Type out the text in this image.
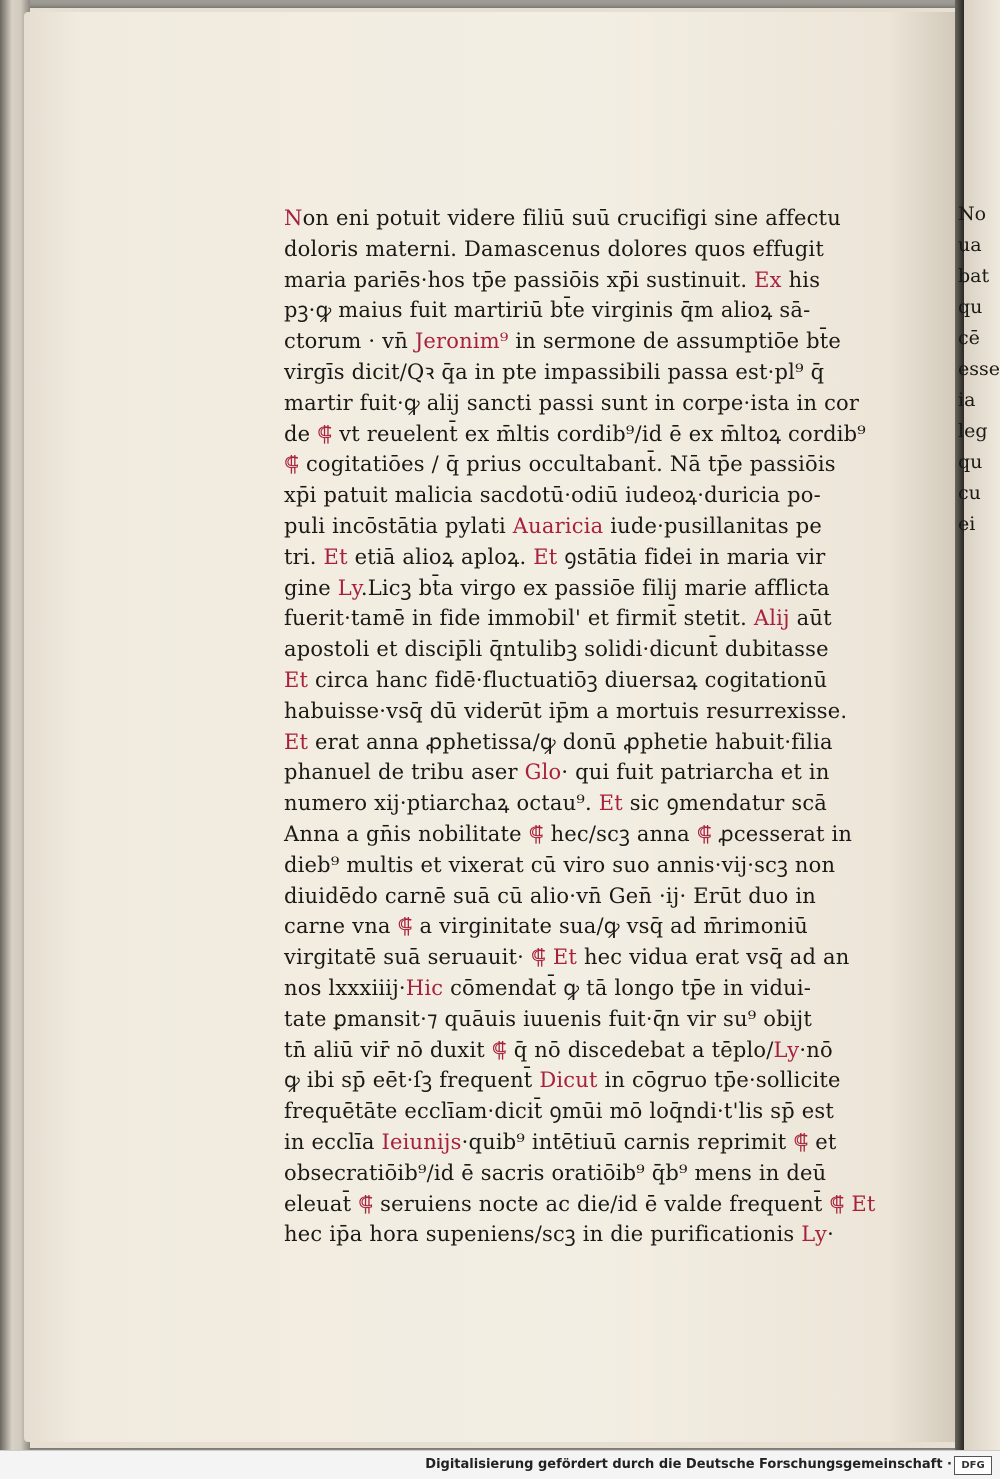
Non eni potuit videre filiū suū crucifigi sine affectu
doloris materni. Damascenus dolores quos effugit
maria pariēs·hos tp̄e passiōis xp̄i sustinuit. Ex his
pꝫ·ꝙ maius fuit martiriū bt̄e virginis q̄m alioꝝ sā-
ctorum · vn̄ Jeronim⁹ in sermone de assumptiōe bt̄e
virgīs dicit/Qꝛ q̄a in pte impassibili passa est·pl⁹ q̄
martir fuit·ꝙ alij sancti passi sunt in corpe·ista in cor
de ⸿ vt reuelent̄ ex m̄ltis cordib⁹/id ē ex m̄ltoꝝ cordib⁹
⸿ cogitatiōes / q̄ prius occultabant̄. Nā tp̄e passiōis
xp̄i patuit malicia sacdotū·odiū iudeoꝝ·duricia po-
puli incōstātia pylati Auaricia iude·pusillanitas pe
tri. Et etiā alioꝝ aploꝝ. Et ꝯstātia fidei in maria vir
gine Ly.Licꝫ bt̄a virgo ex passiōe filij marie afflicta
fuerit·tamē in fide immobil' et firmit̄ stetit. Alij aūt
apostoli et discip̄li q̄ntulibꝫ solidi·dicunt̄ dubitasse
Et circa hanc fidē·fluctuatiōꝫ diuersaꝝ cogitationū
habuisse·vsq̄ dū viderūt ip̄m a mortuis resurrexisse.
Et erat anna ꝓphetissa/ꝙ donū ꝓphetie habuit·filia
phanuel de tribu aser Glo· qui fuit patriarcha et in
numero xij·ptiarchaꝝ octau⁹. Et sic ꝯmendatur scā
Anna a gn̄is nobilitate ⸿ hec/scꝫ anna ⸿ ꝓcesserat in
dieb⁹ multis et vixerat cū viro suo annis·vij·scꝫ non
diuidēdo carnē suā cū alio·vn̄ Gen̄ ·ij· Erūt duo in
carne vna ⸿ a virginitate sua/ꝙ vsq̄ ad m̄rimoniū
virgitatē suā seruauit· ⸿ Et hec vidua erat vsq̄ ad an
nos lxxxiiij·Hic cōmendat̄ ꝙ tā longo tp̄e in vidui-
tate ꝑmansit·⁊ quāuis iuuenis fuit·q̄n vir su⁹ obijt
tn̄ aliū vir̄ nō duxit ⸿ q̄ nō discedebat a tēplo/Ly·nō
ꝙ ibi sp̄ eēt·ſꝫ frequent̄ Dicut in cōgruo tp̄e·sollicite
frequētāte ecclīam·dicit̄ ꝯmūi mō loq̄ndi·t'lis sp̄ est
in ecclīa Ieiunijs·quib⁹ intētiuū carnis reprimit ⸿ et
obsecratiōib⁹/id ē sacris oratiōib⁹ q̄b⁹ mens in deū
eleuat̄ ⸿ seruiens nocte ac die/id ē valde frequent̄ ⸿ Et
hec ip̄a hora supeniens/scꝫ in die purificationis Ly·
No
ua
bat
qu
cē
esse
ia
leg
qu
cu
ei
Digitalisierung gefördert durch die Deutsche Forschungsgemeinschaft · DFG
